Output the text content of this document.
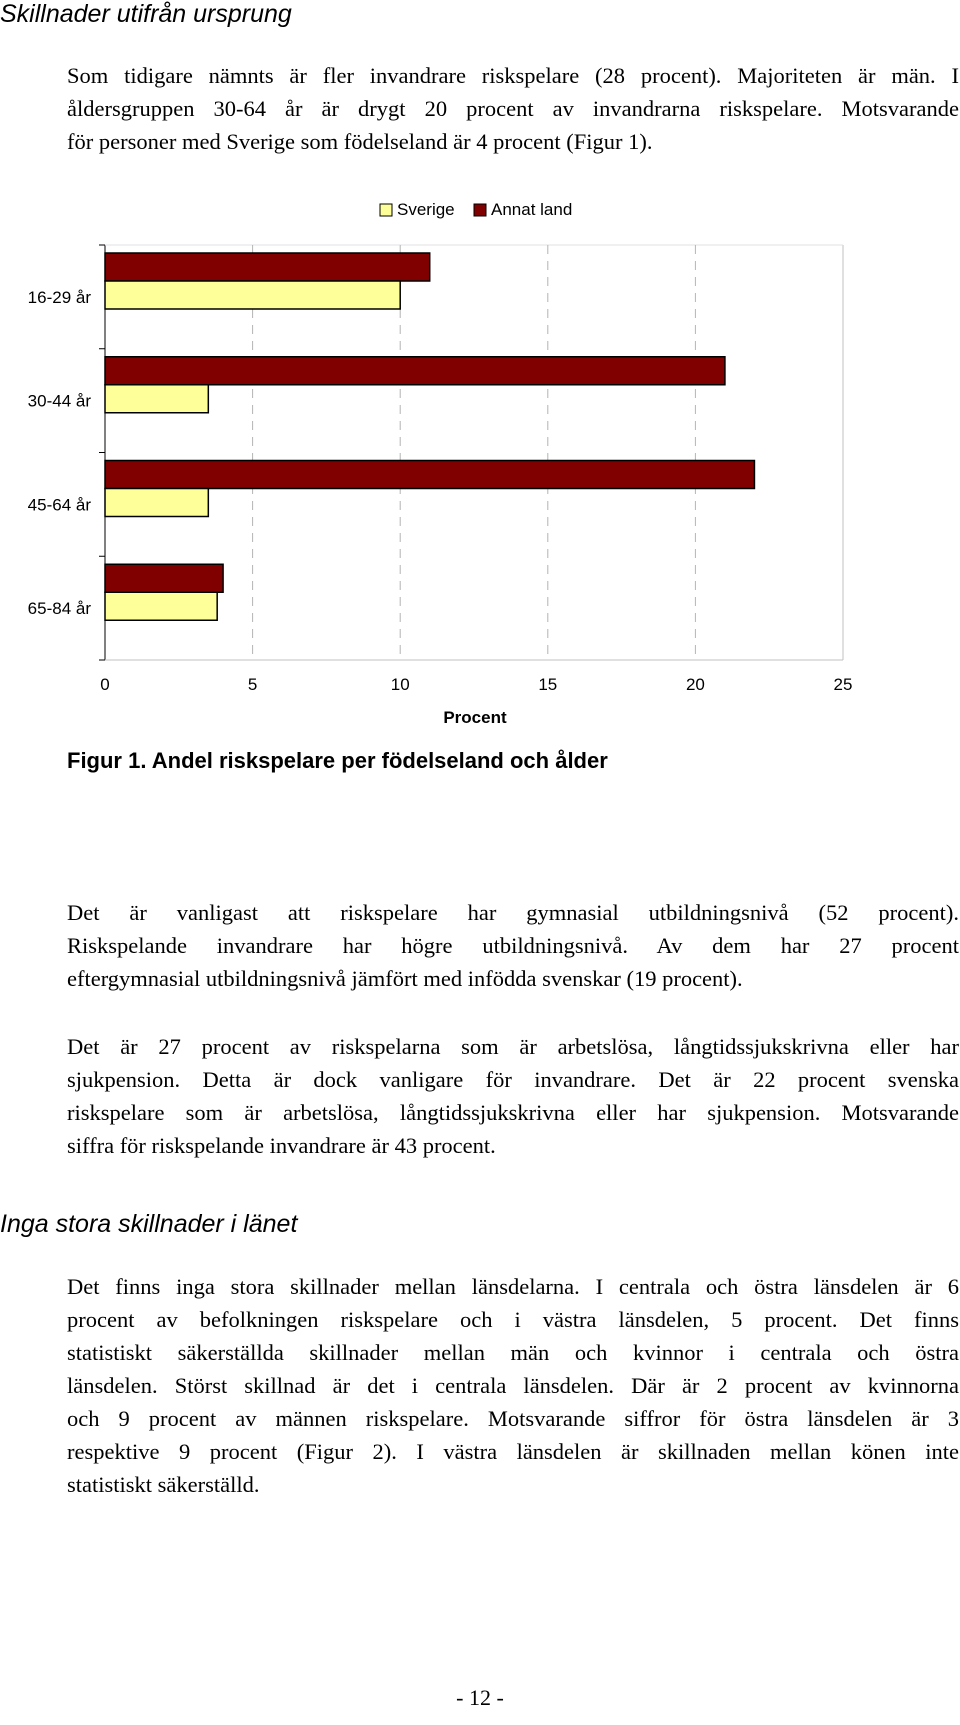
Skillnader utifrån ursprung
Som tidigare nämnts är fler invandrare riskspelare (28 procent). Majoriteten är män. I
åldersgruppen 30-64 år är drygt 20 procent av invandrarna riskspelare. Motsvarande
för personer med Sverige som födelseland är 4 procent (Figur 1).
Sverige Annat land
0	5	10	15	20	25
Procent
16-29 år
30-44 år
45-64 år
65-84 år

Figur 1. Andel riskspelare per födelseland och ålder

Det är vanligast att riskspelare har gymnasial utbildningsnivå (52 procent).
Riskspelande invandrare har högre utbildningsnivå. Av dem har 27 procent
eftergymnasial utbildningsnivå jämfört med infödda svenskar (19 procent).
Det är 27 procent av riskspelarna som är arbetslösa, långtidssjukskrivna eller har
sjukpension. Detta är dock vanligare för invandrare. Det är 22 procent svenska
riskspelare som är arbetslösa, långtidssjukskrivna eller har sjukpension. Motsvarande
siffra för riskspelande invandrare är 43 procent.
Inga stora skillnader i länet
Det finns inga stora skillnader mellan länsdelarna. I centrala och östra länsdelen är 6
procent av befolkningen riskspelare och i västra länsdelen, 5 procent. Det finns
statistiskt säkerställda skillnader mellan män och kvinnor i centrala och östra
länsdelen. Störst skillnad är det i centrala länsdelen. Där är 2 procent av kvinnorna
och 9 procent av männen riskspelare. Motsvarande siffror för östra länsdelen är 3
respektive 9 procent (Figur 2). I västra länsdelen är skillnaden mellan könen inte
statistiskt säkerställd.
- 12 -
